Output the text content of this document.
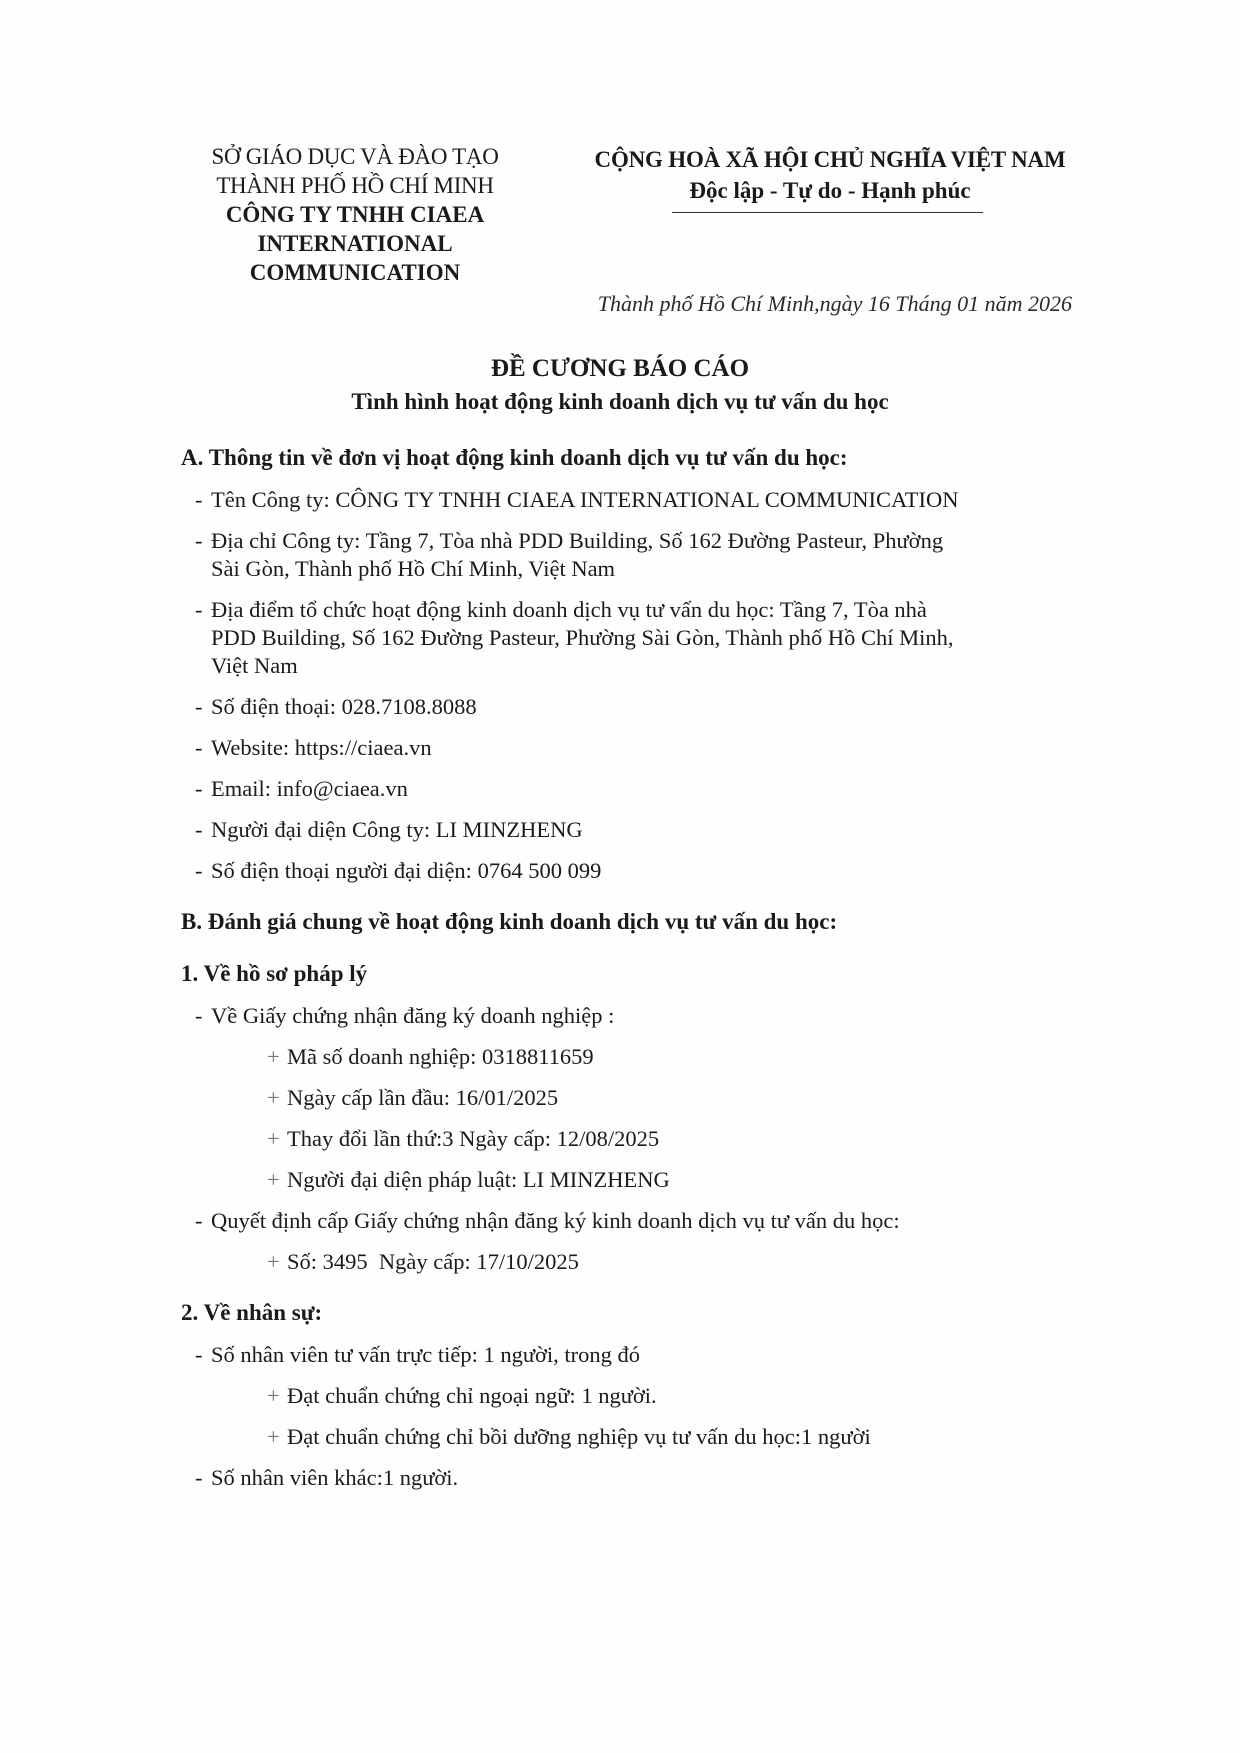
SỞ GIÁO DỤC VÀ ĐÀO TẠO
THÀNH PHỐ HỒ CHÍ MINH
CÔNG TY TNHH CIAEA
INTERNATIONAL
COMMUNICATION
CỘNG HOÀ XÃ HỘI CHỦ NGHĨA VIỆT NAM
Độc lập - Tự do - Hạnh phúc
Thành phố Hồ Chí Minh,ngày 16 Tháng 01 năm 2026
ĐỀ CƯƠNG BÁO CÁO
Tình hình hoạt động kinh doanh dịch vụ tư vấn du học

A. Thông tin về đơn vị hoạt động kinh doanh dịch vụ tư vấn du học:

- Tên Công ty: CÔNG TY TNHH CIAEA INTERNATIONAL COMMUNICATION

- Địa chỉ Công ty: Tầng 7, Tòa nhà PDD Building, Số 162 Đường Pasteur, Phường
Sài Gòn, Thành phố Hồ Chí Minh, Việt Nam

- Địa điểm tổ chức hoạt động kinh doanh dịch vụ tư vấn du học: Tầng 7, Tòa nhà
PDD Building, Số 162 Đường Pasteur, Phường Sài Gòn, Thành phố Hồ Chí Minh,
Việt Nam

- Số điện thoại: 028.7108.8088

- Website: https://ciaea.vn

- Email: info@ciaea.vn

- Người đại diện Công ty: LI MINZHENG

- Số điện thoại người đại diện: 0764 500 099

B. Đánh giá chung về hoạt động kinh doanh dịch vụ tư vấn du học:

1. Về hồ sơ pháp lý

- Về Giấy chứng nhận đăng ký doanh nghiệp :

+ Mã số doanh nghiệp: 0318811659

+ Ngày cấp lần đầu: 16/01/2025

+ Thay đổi lần thứ:3 Ngày cấp: 12/08/2025

+ Người đại diện pháp luật: LI MINZHENG

- Quyết định cấp Giấy chứng nhận đăng ký kinh doanh dịch vụ tư vấn du học:

+ Số: 3495  Ngày cấp: 17/10/2025

2. Về nhân sự:

- Số nhân viên tư vấn trực tiếp: 1 người, trong đó

+ Đạt chuẩn chứng chỉ ngoại ngữ: 1 người.

+ Đạt chuẩn chứng chỉ bồi dưỡng nghiệp vụ tư vấn du học:1 người

- Số nhân viên khác:1 người.
